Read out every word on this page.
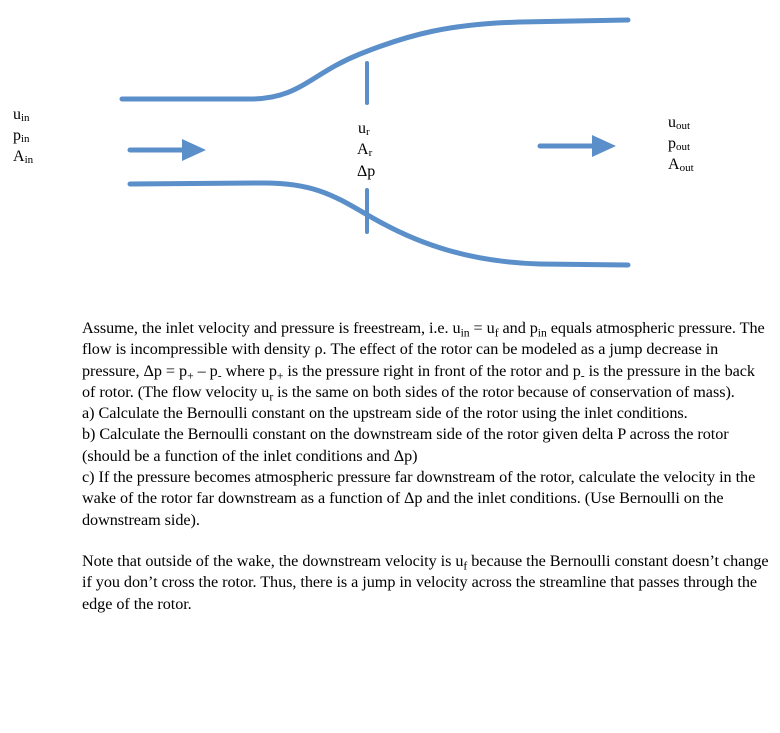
$u_{in}$
$p_{in}$
$A_{in}$
$u_r$
$A_r$
Δp
$u_{out}$
$p_{out}$
$A_{out}$

Assume, the inlet velocity and pressure is freestream, i.e. $u_{in} = u_f$ and $p_{in}$ equals atmospheric pressure. The flow is incompressible with density ρ. The effect of the rotor can be modeled as a jump decrease in pressure, $\Delta p = p_+ - p_-$ where $p_+$ is the pressure right in front of the rotor and $p_-$ is the pressure in the back of rotor. (The flow velocity $u_r$ is the same on both sides of the rotor because of conservation of mass).

a) Calculate the Bernoulli constant on the upstream side of the rotor using the inlet conditions.

b) Calculate the Bernoulli constant on the downstream side of the rotor given delta P across the rotor (should be a function of the inlet conditions and Δp)

c) If the pressure becomes atmospheric pressure far downstream of the rotor, calculate the velocity in the wake of the rotor far downstream as a function of Δp and the inlet conditions. (Use Bernoulli on the downstream side).

Note that outside of the wake, the downstream velocity is $u_f$ because the Bernoulli constant doesn’t change if you don’t cross the rotor. Thus, there is a jump in velocity across the streamline that passes through the edge of the rotor.
